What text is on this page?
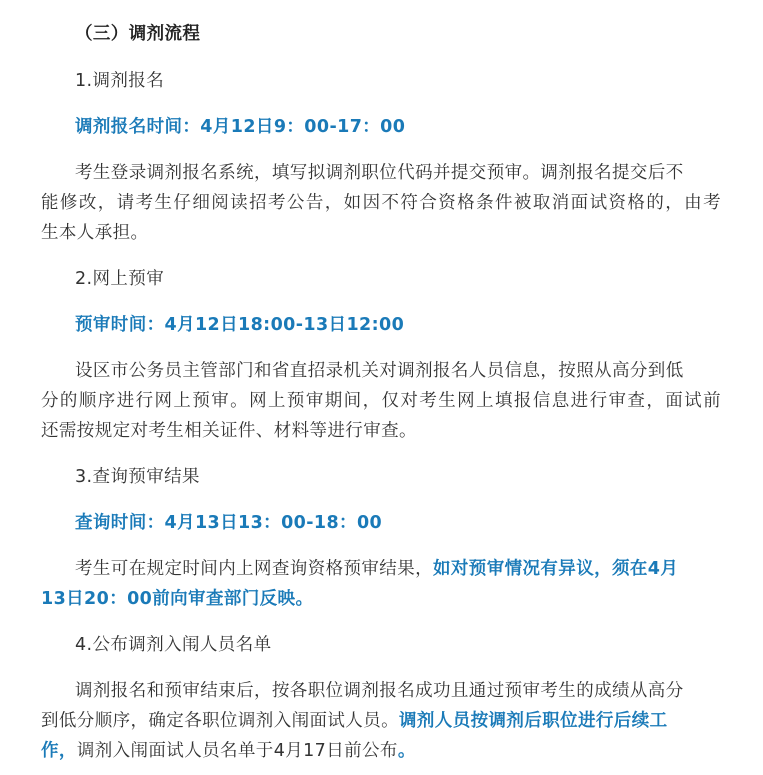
（三）调剂流程
1.调剂报名
调剂报名时间：4月12日9：00-17：00
考生登录调剂报名系统，填写拟调剂职位代码并提交预审。调剂报名提交后不
能修改，请考生仔细阅读招考公告，如因不符合资格条件被取消面试资格的，由考
生本人承担。
2.网上预审
预审时间：4月12日18:00-13日12:00
设区市公务员主管部门和省直招录机关对调剂报名人员信息，按照从高分到低
分的顺序进行网上预审。网上预审期间，仅对考生网上填报信息进行审查，面试前
还需按规定对考生相关证件、材料等进行审查。
3.查询预审结果
查询时间：4月13日13：00-18：00
考生可在规定时间内上网查询资格预审结果，如对预审情况有异议，须在4月
13日20：00前向审查部门反映。
4.公布调剂入闱人员名单
调剂报名和预审结束后，按各职位调剂报名成功且通过预审考生的成绩从高分
到低分顺序，确定各职位调剂入闱面试人员。调剂人员按调剂后职位进行后续工
作，调剂入闱面试人员名单于4月17日前公布。
